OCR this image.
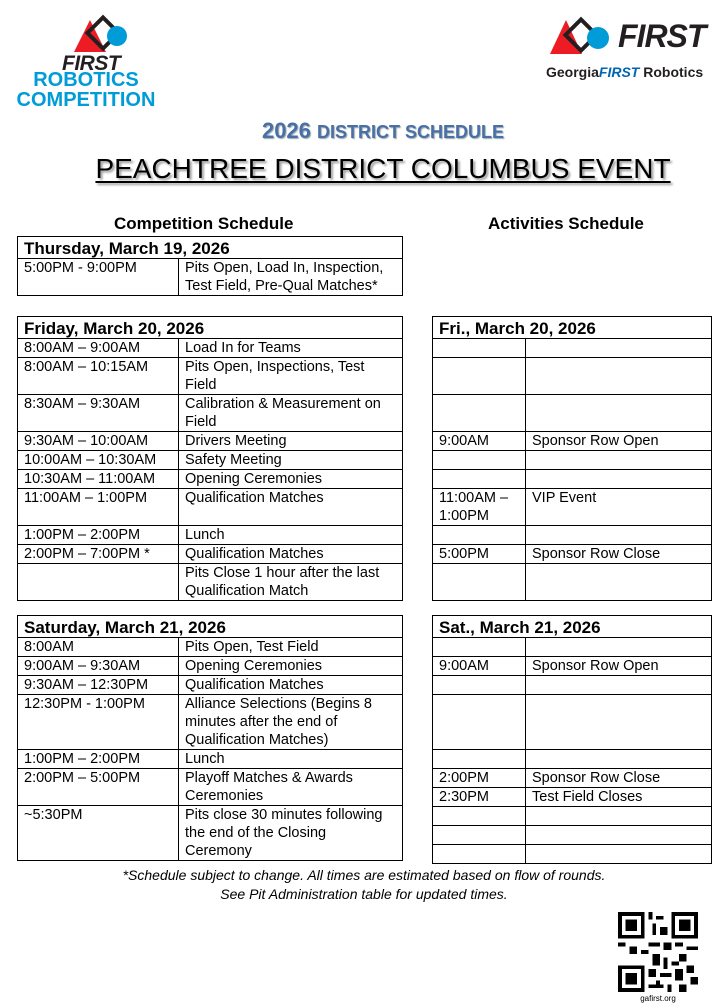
FIRST
ROBOTICS
COMPETITION
FIRST
GeorgiaFIRST Robotics
2026 DISTRICT SCHEDULE
PEACHTREE DISTRICT COLUMBUS EVENT
Competition Schedule	Activities Schedule
Thursday, March 19, 2026
5:00PM - 9:00PM	Pits Open, Load In, Inspection, Test Field, Pre-Qual Matches*
Friday, March 20, 2026	
8:00AM – 9:00AM	Load In for Teams
8:00AM – 10:15AM	Pits Open, Inspections, Test Field
8:30AM – 9:30AM	Calibration & Measurement on Field
9:30AM – 10:00AM	Drivers Meeting
10:00AM – 10:30AM	Safety Meeting
10:30AM – 11:00AM	Opening Ceremonies
11:00AM – 1:00PM	Qualification Matches
1:00PM – 2:00PM	Lunch
2:00PM – 7:00PM *	Qualification Matches
	Pits Close 1 hour after the last Qualification Match
Fri., March 20, 2026	

9:00AM	Sponsor Row Open

11:00AM – 1:00PM	VIP Event

5:00PM	Sponsor Row Close

Saturday, March 21, 2026	
8:00AM	Pits Open, Test Field
9:00AM – 9:30AM	Opening Ceremonies
9:30AM – 12:30PM	Qualification Matches
12:30PM - 1:00PM	Alliance Selections (Begins 8 minutes after the end of Qualification Matches)
1:00PM – 2:00PM	Lunch
2:00PM – 5:00PM	Playoff Matches & Awards Ceremonies
~5:30PM	Pits close 30 minutes following the end of the Closing Ceremony
Sat., March 21, 2026	

9:00AM	Sponsor Row Open

2:00PM	Sponsor Row Close
2:30PM	Test Field Closes

*Schedule subject to change. All times are estimated based on flow of rounds.
See Pit Administration table for updated times.
gafirst.org
